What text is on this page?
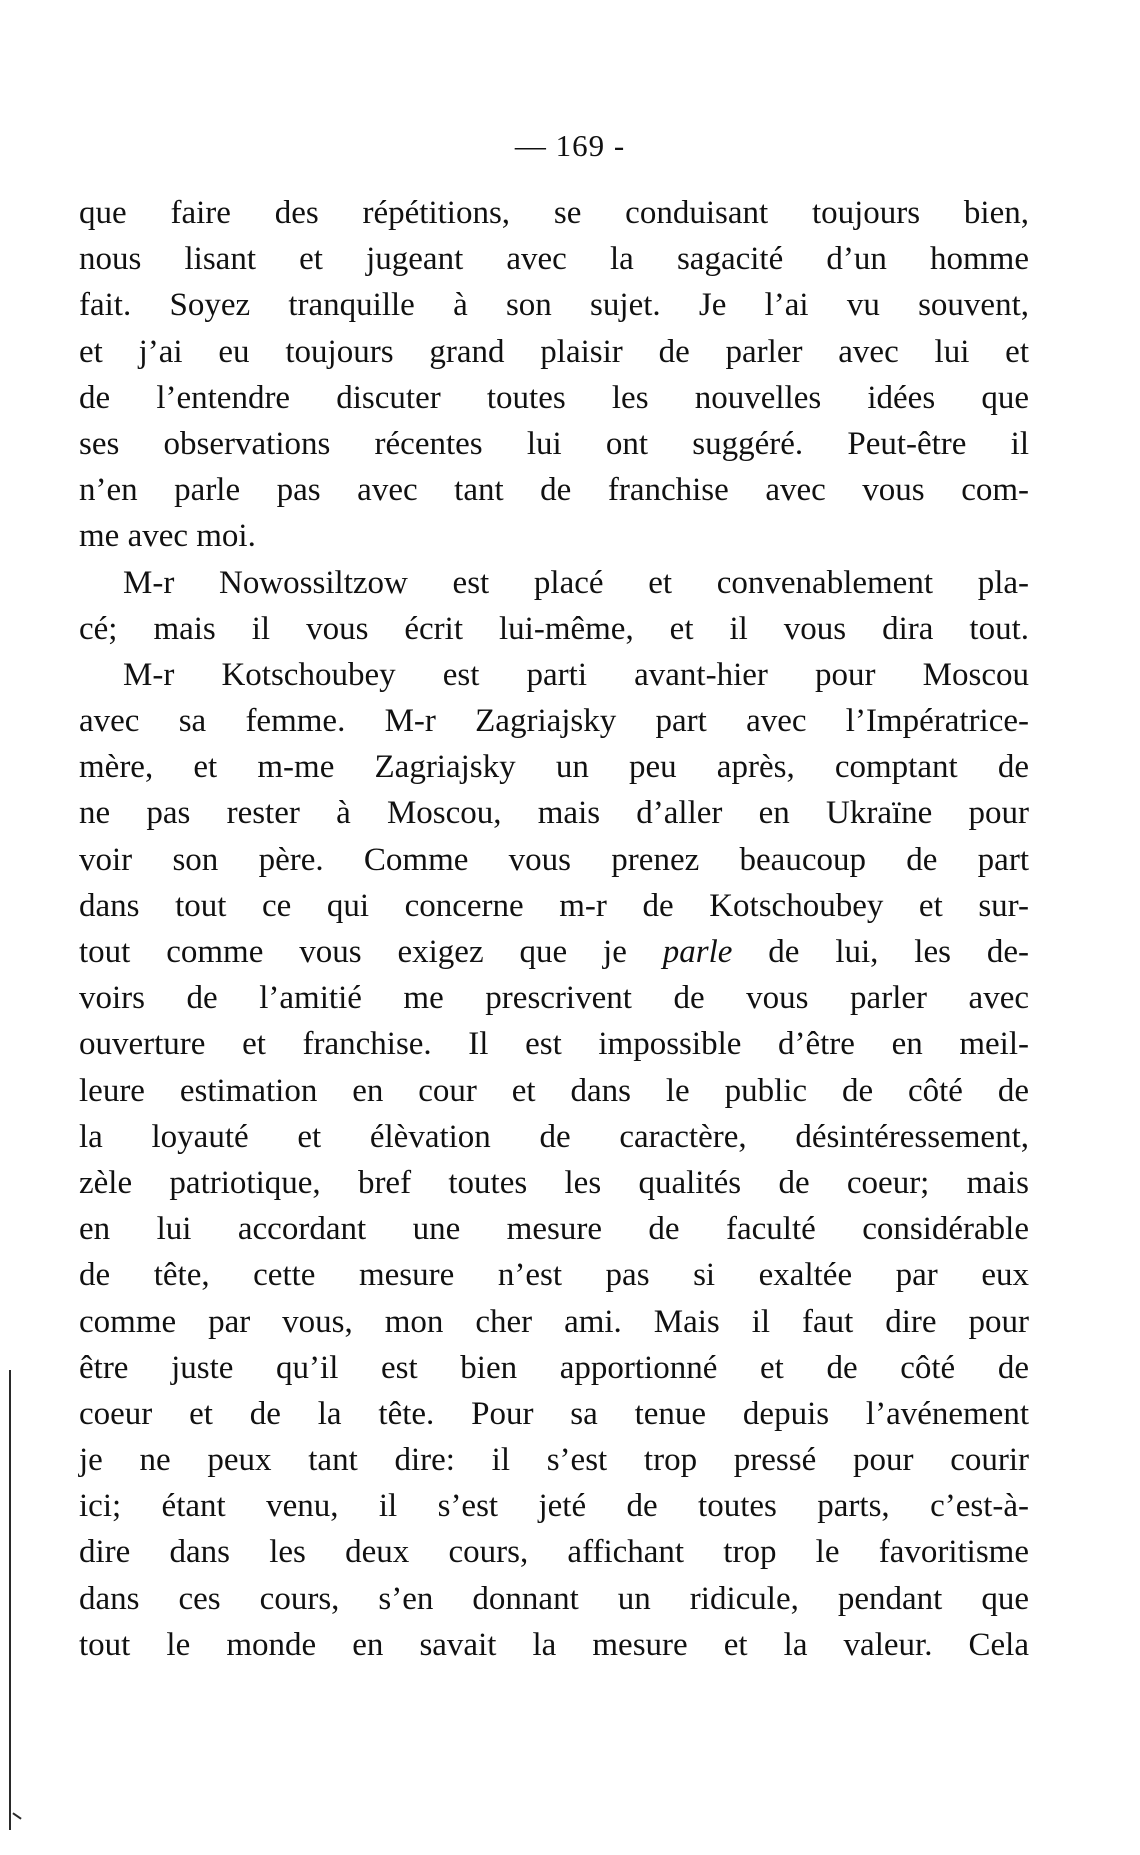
— 169 -
que faire des répétitions, se conduisant toujours bien,
nous lisant et jugeant avec la sagacité d’un homme
fait. Soyez tranquille à son sujet. Je l’ai vu souvent,
et j’ai eu toujours grand plaisir de parler avec lui et
de l’entendre discuter toutes les nouvelles idées que
ses observations récentes lui ont suggéré. Peut-être il
n’en parle pas avec tant de franchise avec vous com-
me avec moi.
M-r Nowossiltzow est placé et convenablement pla-
cé; mais il vous écrit lui-même, et il vous dira tout.
M-r Kotschoubey est parti avant-hier pour Moscou
avec sa femme. M-r Zagriajsky part avec l’Impératrice-
mère, et m-me Zagriajsky un peu après, comptant de
ne pas rester à Moscou, mais d’aller en Ukraïne pour
voir son père. Comme vous prenez beaucoup de part
dans tout ce qui concerne m-r de Kotschoubey et sur-
tout comme vous exigez que je parle de lui, les de-
voirs de l’amitié me prescrivent de vous parler avec
ouverture et franchise. Il est impossible d’être en meil-
leure estimation en cour et dans le public de côté de
la loyauté et élèvation de caractère, désintéressement,
zèle patriotique, bref toutes les qualités de coeur; mais
en lui accordant une mesure de faculté considérable
de tête, cette mesure n’est pas si exaltée par eux
comme par vous, mon cher ami. Mais il faut dire pour
être juste qu’il est bien apportionné et de côté de
coeur et de la tête. Pour sa tenue depuis l’avénement
je ne peux tant dire: il s’est trop pressé pour courir
ici; étant venu, il s’est jeté de toutes parts, c’est-à-
dire dans les deux cours, affichant trop le favoritisme
dans ces cours, s’en donnant un ridicule, pendant que
tout le monde en savait la mesure et la valeur. Cela
